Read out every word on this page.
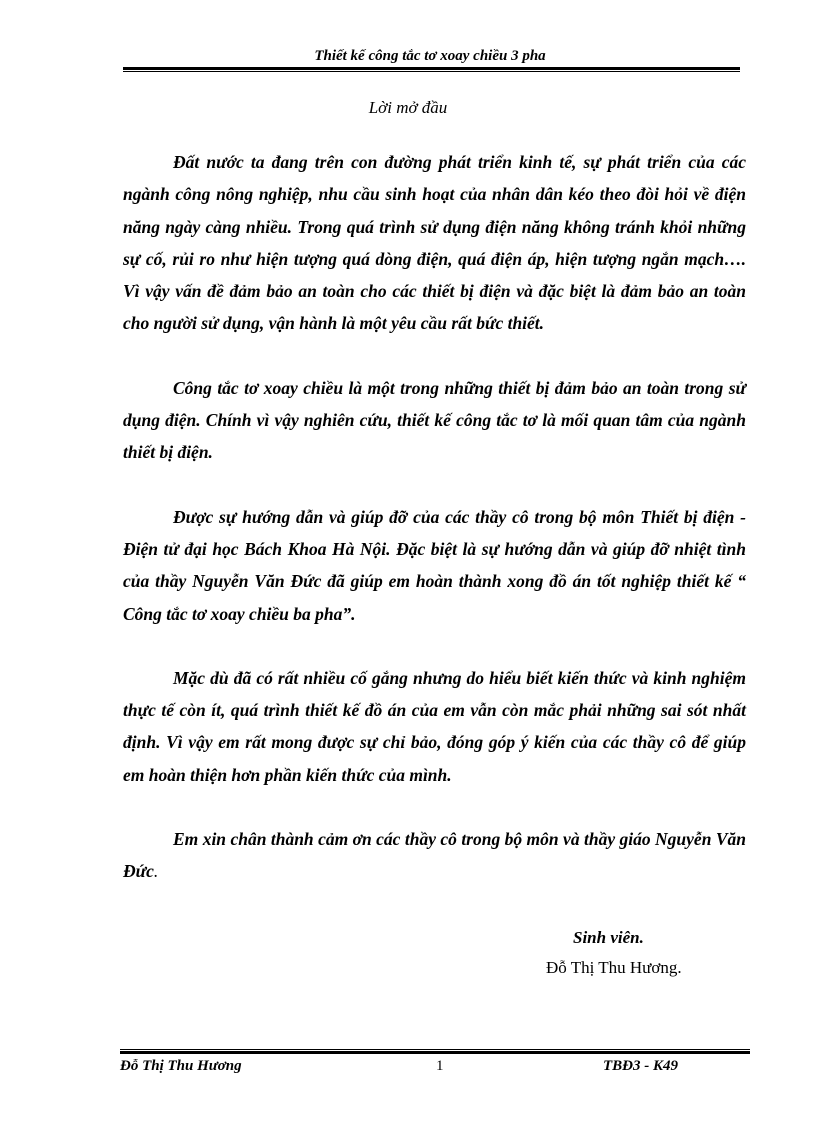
Thiết kế công tắc tơ xoay chiều 3 pha
Lời mở đầu

Đất nước ta đang trên con đường phát triển kinh tế, sự phát triển của các ngành công nông nghiệp, nhu cầu sinh hoạt của nhân dân kéo theo đòi hỏi về điện năng ngày càng nhiều. Trong quá trình sử dụng điện năng không tránh khỏi những sự cố, rủi ro như hiện tượng quá dòng điện, quá điện áp, hiện tượng ngắn mạch…. Vì vậy vấn đề đảm bảo an toàn cho các thiết bị điện và đặc biệt là đảm bảo an toàn cho người sử dụng, vận hành là một yêu cầu rất bức thiết.

Công tắc tơ xoay chiều là một trong những thiết bị đảm bảo an toàn trong sử dụng điện. Chính vì vậy nghiên cứu, thiết kế công tắc tơ là mối quan tâm của ngành thiết bị điện.

Được sự hướng dẫn và giúp đỡ của các thầy cô trong bộ môn Thiết bị điện - Điện tử đại học Bách Khoa Hà Nội. Đặc biệt là sự hướng dẫn và giúp đỡ nhiệt tình của thầy Nguyễn Văn Đức đã giúp em hoàn thành xong đồ án tốt nghiệp thiết kế “ Công tắc tơ xoay chiều ba pha”.

Mặc dù đã có rất nhiều cố gắng nhưng do hiểu biết kiến thức và kinh nghiệm thực tế còn ít, quá trình thiết kế đồ án của em vẫn còn mắc phải những sai sót nhất định. Vì vậy em rất mong được sự chỉ bảo, đóng góp ý kiến của các thầy cô để giúp em hoàn thiện hơn phần kiến thức của mình.

Em xin chân thành cảm ơn các thầy cô trong bộ môn và thầy giáo Nguyễn Văn Đức.

Sinh viên.
Đỗ Thị Thu Hương.
Đỗ Thị Thu Hương	1	TBĐ3 - K49
